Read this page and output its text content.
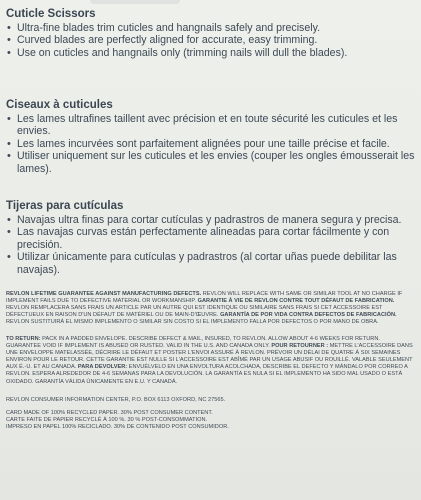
Cuticle Scissors
• Ultra-fine blades trim cuticles and hangnails safely and precisely.
• Curved blades are perfectly aligned for accurate, easy trimming.
• Use on cuticles and hangnails only (trimming nails will dull the blades).
Ciseaux à cuticules
• Les lames ultrafines taillent avec précision et en toute sécurité les cuticules et les envies.
• Les lames incurvées sont parfaitement alignées pour une taille précise et facile.
• Utiliser uniquement sur les cuticules et les envies (couper les ongles émousserait les lames).
Tijeras para cutículas
• Navajas ultra finas para cortar cutículas y padrastros de manera segura y precisa.
• Las navajas curvas están perfectamente alineadas para cortar fácilmente y con precisión.
• Utilizar únicamente para cutículas y padrastros (al cortar uñas puede debilitar las navajas).

REVLON LIFETIME GUARANTEE AGAINST MANUFACTURING DEFECTS. REVLON WILL REPLACE WITH SAME OR SIMILAR TOOL AT NO CHARGE IF IMPLEMENT FAILS DUE TO DEFECTIVE MATERIAL OR WORKMANSHIP. GARANTIE À VIE DE REVLON CONTRE TOUT DÉFAUT DE FABRICATION. REVLON REMPLACERA SANS FRAIS UN ARTICLE PAR UN AUTRE QUI EST IDENTIQUE OU SIMILAIRE SANS FRAIS SI CET ACCESSOIRE EST DÉFECTUEUX EN RAISON D'UN DÉFAUT DE MATÉRIEL OU DE MAIN-D'ŒUVRE. GARANTÍA DE POR VIDA CONTRA DEFECTOS DE FABRICACIÓN. REVLON SUSTITUIRÁ EL MISMO IMPLEMENTO O SIMILAR SIN COSTO SI EL IMPLEMENTO FALLA POR DEFECTOS O POR MANO DE OBRA.

TO RETURN: PACK IN A PADDED ENVELOPE. DESCRIBE DEFECT & MAIL, INSURED, TO REVLON. ALLOW ABOUT 4-6 WEEKS FOR RETURN. GUARANTEE VOID IF IMPLEMENT IS ABUSED OR RUSTED. VALID IN THE U.S. AND CANADA ONLY. POUR RETOURNER : METTRE L'ACCESSOIRE DANS UNE ENVELOPPE MATELASSÉE, DÉCRIRE LE DÉFAUT ET POSTER L'ENVOI ASSURÉ À REVLON. PRÉVOIR UN DÉLAI DE QUATRE À SIX SEMAINES ENVIRON POUR LE RETOUR. CETTE GARANTIE EST NULLE SI L'ACCESSOIRE EST ABÎMÉ PAR UN USAGE ABUSIF OU ROUILLÉ. VALABLE SEULEMENT AUX É.-U. ET AU CANADA. PARA DEVOLVER: ENVUÉLVELO EN UNA ENVOLTURA ACOLCHADA, DESCRIBE EL DEFECTO Y MÁNDALO POR CORREO A REVLON. ESPERA ALREDEDOR DE 4-6 SEMANAS PARA LA DEVOLUCIÓN. LA GARANTÍA ES NULA SI EL IMPLEMENTO HA SIDO MAL USADO O ESTÁ OXIDADO. GARANTÍA VÁLIDA ÚNICAMENTE EN E.U. Y CANADÁ.

REVLON CONSUMER INFORMATION CENTER, P.O. BOX 6113 OXFORD, NC 27565.

CARD MADE OF 100% RECYCLED PAPER. 30% POST CONSUMER CONTENT.

CARTE FAITE DE PAPIER RECYCLÉ À 100 %. 30 % POST-CONSOMMATION.

IMPRESO EN PAPEL 100% RECICLADO. 30% DE CONTENIDO POST CONSUMIDOR.
